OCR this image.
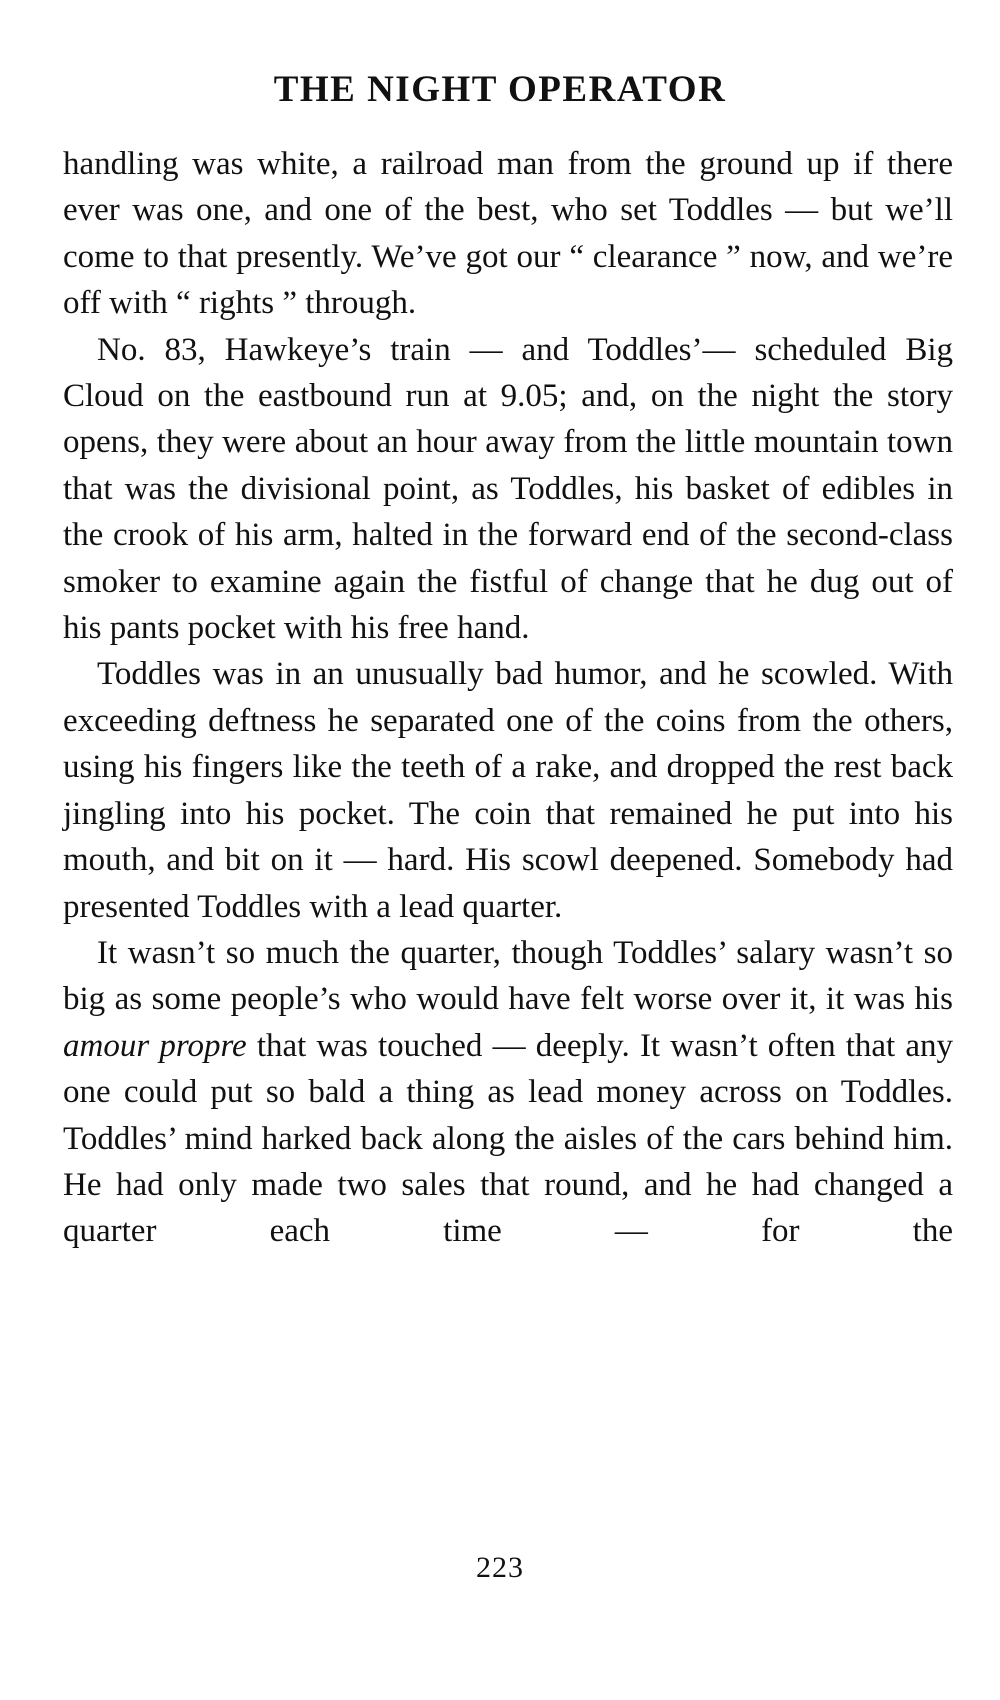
THE NIGHT OPERATOR

handling was white, a railroad man from the ground up if there ever was one, and one of the best, who set Toddles — but we’ll come to that presently. We’ve got our “ clearance ” now, and we’re off with “ rights ” through.

No. 83, Hawkeye’s train — and Toddles’— scheduled Big Cloud on the eastbound run at 9.05; and, on the night the story opens, they were about an hour away from the little mountain town that was the divisional point, as Toddles, his basket of edibles in the crook of his arm, halted in the forward end of the second-class smoker to examine again the fistful of change that he dug out of his pants pocket with his free hand.

Toddles was in an unusually bad humor, and he scowled. With exceeding deftness he separated one of the coins from the others, using his fingers like the teeth of a rake, and dropped the rest back jingling into his pocket. The coin that remained he put into his mouth, and bit on it — hard. His scowl deepened. Somebody had presented Toddles with a lead quarter.

It wasn’t so much the quarter, though Toddles’ salary wasn’t so big as some people’s who would have felt worse over it, it was his amour propre that was touched — deeply. It wasn’t often that any one could put so bald a thing as lead money across on Toddles. Toddles’ mind harked back along the aisles of the cars behind him. He had only made two sales that round, and he had changed a quarter each time — for the

223
